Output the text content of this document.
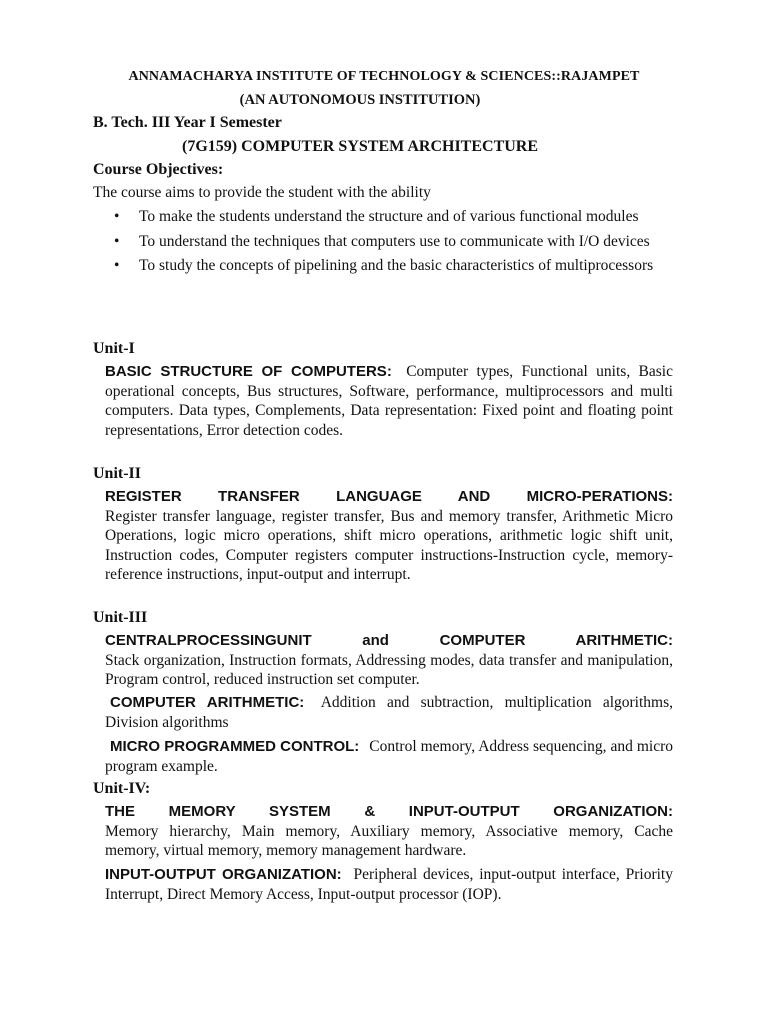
ANNAMACHARYA INSTITUTE OF TECHNOLOGY & SCIENCES::RAJAMPET
(AN AUTONOMOUS INSTITUTION)
B. Tech. III Year I Semester
(7G159) COMPUTER SYSTEM ARCHITECTURE
Course Objectives:
The course aims to provide the student with the ability
• To make the students understand the structure and of various functional modules
• To understand the techniques that computers use to communicate with I/O devices
• To study the concepts of pipelining and the basic characteristics of multiprocessors
Unit-I
BASIC STRUCTURE OF COMPUTERS: Computer types, Functional units, Basic operational concepts, Bus structures, Software, performance, multiprocessors and multi computers. Data types, Complements, Data representation: Fixed point and floating point representations, Error detection codes.
Unit-II
REGISTER TRANSFER LANGUAGE AND MICRO-PERATIONS:
Register transfer language, register transfer, Bus and memory transfer, Arithmetic Micro Operations, logic micro operations, shift micro operations, arithmetic logic shift unit, Instruction codes, Computer registers computer instructions-Instruction cycle, memory-reference instructions, input-output and interrupt.
Unit-III
CENTRALPROCESSINGUNIT and COMPUTER ARITHMETIC:
Stack organization, Instruction formats, Addressing modes, data transfer and manipulation, Program control, reduced instruction set computer.
COMPUTER ARITHMETIC: Addition and subtraction, multiplication algorithms, Division algorithms
MICRO PROGRAMMED CONTROL: Control memory, Address sequencing, and micro program example.
Unit-IV:
THE MEMORY SYSTEM & INPUT-OUTPUT ORGANIZATION:
Memory hierarchy, Main memory, Auxiliary memory, Associative memory, Cache memory, virtual memory, memory management hardware.
INPUT-OUTPUT ORGANIZATION: Peripheral devices, input-output interface, Priority Interrupt, Direct Memory Access, Input-output processor (IOP).
